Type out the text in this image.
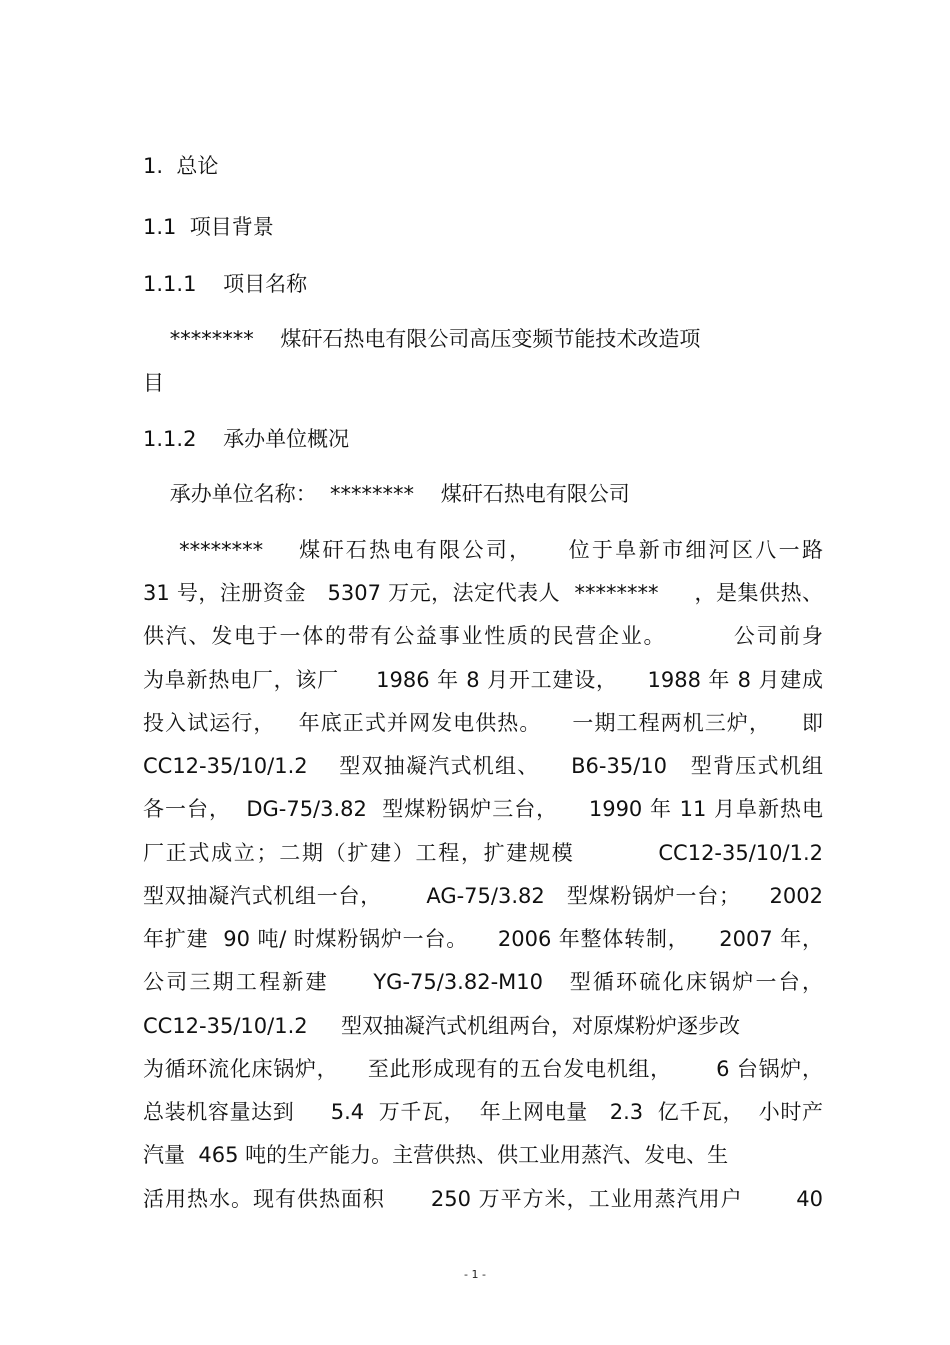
1.  总论
1.1  项目背景
1.1.1    项目名称
********    煤矸石热电有限公司高压变频节能技术改造项
目
1.1.2    承办单位概况
承办单位名称：  ********    煤矸石热电有限公司
********    煤矸石热电有限公司，    位于阜新市细河区八一路
31 号，注册资金   5307 万元，法定代表人  ********     ，是集供热、
供汽、发电于一体的带有公益事业性质的民营企业。        公司前身
为阜新热电厂，该厂     1986 年 8 月开工建设，    1988 年 8 月建成
投入试运行，   年底正式并网发电供热。    一期工程两机三炉，    即
CC12-35/10/1.2    型双抽凝汽式机组、    B6-35/10   型背压式机组
各一台，  DG-75/3.82  型煤粉锅炉三台，    1990 年 11 月阜新热电
厂正式成立；二期（扩建）工程，扩建规模          CC12-35/10/1.2
型双抽凝汽式机组一台，      AG-75/3.82   型煤粉锅炉一台；    2002
年扩建  90 吨/ 时煤粉锅炉一台。    2006 年整体转制，    2007 年，
公司三期工程新建     YG-75/3.82-M10   型循环硫化床锅炉一台，
CC12-35/10/1.2     型双抽凝汽式机组两台，对原煤粉炉逐步改
为循环流化床锅炉，    至此形成现有的五台发电机组，      6 台锅炉，
总装机容量达到     5.4  万千瓦，  年上网电量   2.3  亿千瓦，  小时产
汽量  465 吨的生产能力。主营供热、供工业用蒸汽、发电、生
活用热水。现有供热面积      250 万平方米，工业用蒸汽用户       40
- 1 -
